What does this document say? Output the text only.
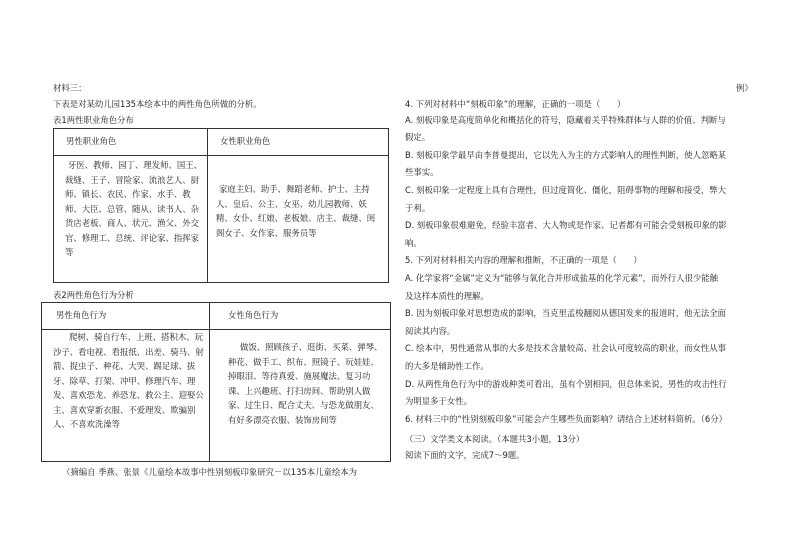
材料三：
下表是对某幼儿园135本绘本中的两性角色所做的分析。
表1两性职业角色分布
男性职业角色	女性职业角色

牙医、教师、园丁、理发师、国王、裁缝、王子、冒险家、流浪艺人、厨师、镇长、农民、作家、水手、教师、大臣、总管、随从、读书人、杂货店老板、商人、状元、渔父、外交官、修理工、总统、评论家、指挥家等	家庭主妇、助手、舞蹈老师、护士、主持人、皇后、公主、女巫、幼儿园教师、妖精、女仆、红娘、老板娘、店主、裁缝、闺阁女子、女作家、服务员等
表2两性角色行为分析
男性角色行为	女性角色行为

爬树、骑自行车、上班、搭积木、玩沙子、看电视、看报纸、出差、骑马、射箭、捉虫子、种花、大哭、踢足球、拔牙、除草、打架、冲甲、修理汽车、理发、喜欢恐龙、养恐龙、救公主、迎娶公主、喜欢穿新衣服、不爱理发、欺骗别人、不喜欢洗澡等	做饭、照顾孩子、逛街、买菜、弹琴、种花、做手工、织布、照镜子、玩娃娃、掉眼泪、等待真爱、施展魔法、复习功课、上兴趣班、打扫房间、帮助别人做家、过生日、配合丈夫、与恐龙做朋友、有好多漂亮衣服、装饰房间等
（摘编自 季燕、张景《儿童绘本故事中性别刻板印象研究－以135本儿童绘本为
例》
4. 下列对材料中“刻板印象”的理解，正确的一项是（　　）
A. 刻板印象是高度简单化和概括化的符号，隐藏着关乎特殊群体与人群的价值、判断与
假定。
B. 刻板印象学最早由李普曼提出，它以先入为主的方式影响人的理性判断，使人忽略某
些事实。
C. 刻板印象一定程度上具有合理性，但过度简化、僵化，阻碍事物的理解和接受，弊大
于利。
D. 刻板印象很难避免，经验丰富者、大人物或是作家、记者都有可能会受刻板印象的影
响。
5. 下列对材料相关内容的理解和推断，不正确的一项是（　　）
A. 化学家将“金属”定义为“能够与氧化合并形成盐基的化学元素”，而外行人很少能触
及这样本质性的理解。
B. 因为刻板印象对思想造成的影响，当克里孟梭翻阅从德国发来的报道时，他无法全面
阅读其内容。
C. 绘本中，男性通常从事的大多是技术含量较高、社会认可度较高的职业，而女性从事
的大多是辅助性工作。
D. 从两性角色行为中的游戏种类可看出，虽有个别相同，但总体来说，男性的攻击性行
为明显多于女性。
6. 材料三中的“性别刻板印象”可能会产生哪些负面影响？请结合上述材料简析。（6分）
（三）文学类文本阅读。（本题共3小题，13分）
阅读下面的文字，完成7～9题。
